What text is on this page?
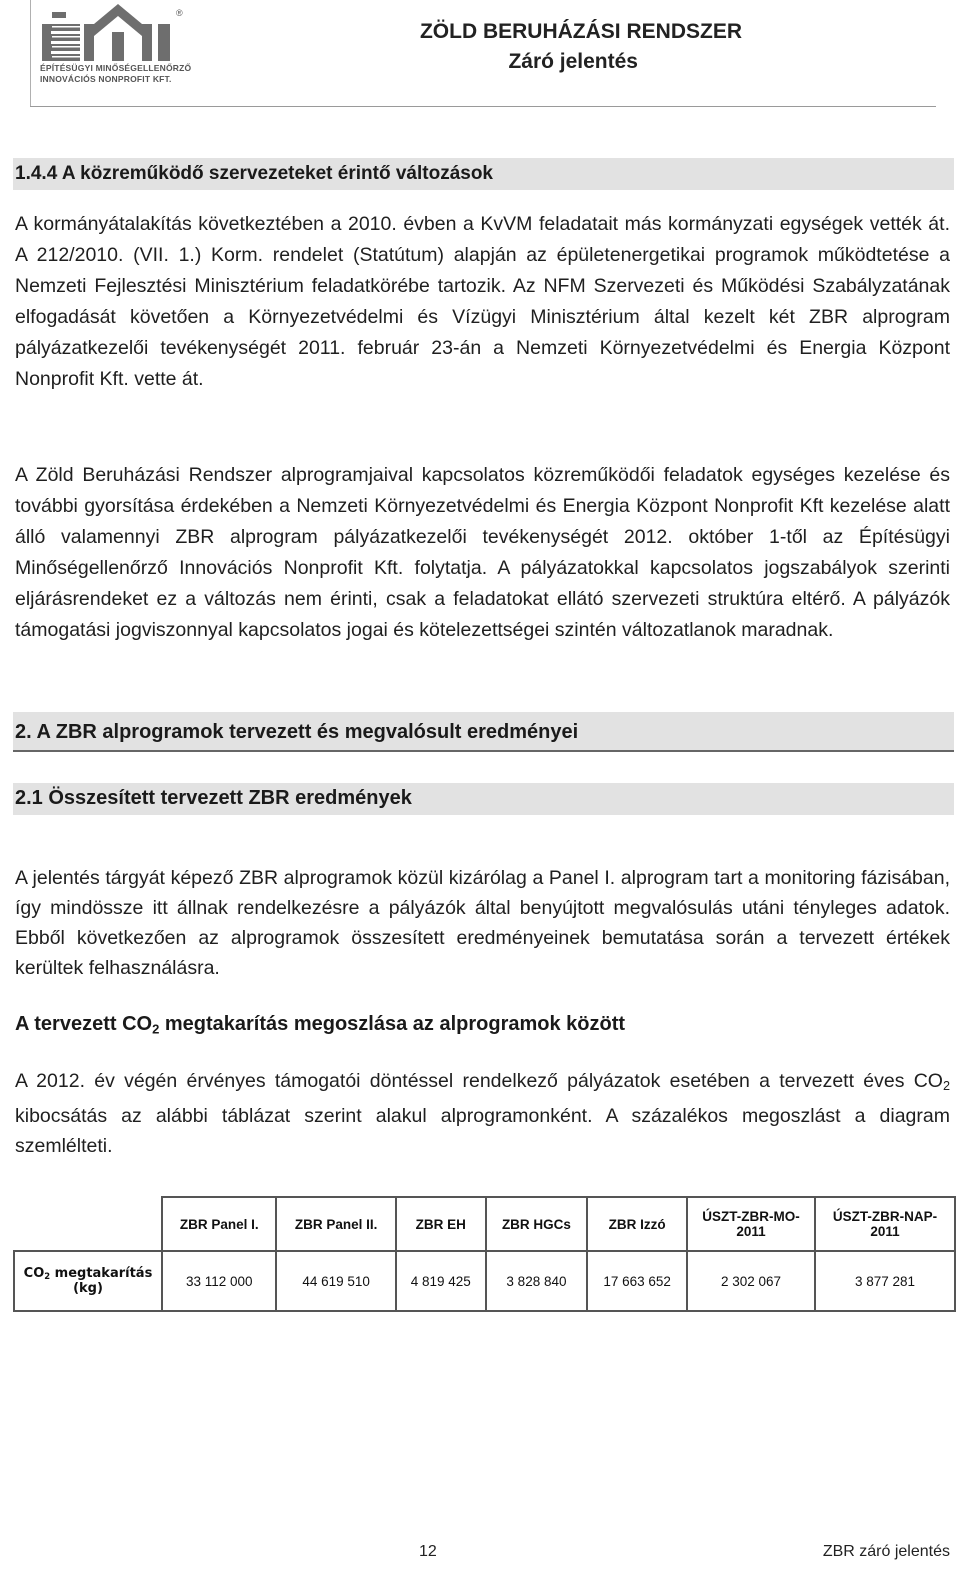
®
ÉPÍTÉSÜGYI MINŐSÉGELLENŐRZŐ
INNOVÁCIÓS NONPROFIT KFT.
ZÖLD BERUHÁZÁSI RENDSZER
Záró jelentés
1.4.4 A közreműködő szervezeteket érintő változások

A kormányátalakítás következtében a 2010. évben a KvVM feladatait más kormányzati egységek vették át. A 212/2010. (VII. 1.) Korm. rendelet (Statútum) alapján az épületenergetikai programok működtetése a Nemzeti Fejlesztési Minisztérium feladatkörébe tartozik. Az NFM Szervezeti és Működési Szabályzatának elfogadását követően a Környezetvédelmi és Vízügyi Minisztérium által kezelt két ZBR alprogram pályázatkezelői tevékenységét 2011. február 23-án a Nemzeti Környezetvédelmi és Energia Központ Nonprofit Kft. vette át.

A Zöld Beruházási Rendszer alprogramjaival kapcsolatos közreműködői feladatok egységes kezelése és további gyorsítása érdekében a Nemzeti Környezetvédelmi és Energia Központ Nonprofit Kft kezelése alatt álló valamennyi ZBR alprogram pályázatkezelői tevékenységét 2012. október 1-től az Építésügyi Minőségellenőrző Innovációs Nonprofit Kft. folytatja. A pályázatokkal kapcsolatos jogszabályok szerinti eljárásrendeket ez a változás nem érinti, csak a feladatokat ellátó szervezeti struktúra eltérő. A pályázók támogatási jogviszonnyal kapcsolatos jogai és kötelezettségei szintén változatlanok maradnak.

2. A ZBR alprogramok tervezett és megvalósult eredményei
2.1 Összesített tervezett ZBR eredmények

A jelentés tárgyát képező ZBR alprogramok közül kizárólag a Panel I. alprogram tart a monitoring fázisában, így mindössze itt állnak rendelkezésre a pályázók által benyújtott megvalósulás utáni tényleges adatok. Ebből következően az alprogramok összesített eredményeinek bemutatása során a tervezett értékek kerültek felhasználásra.

A tervezett $CO_2$ megtakarítás megoszlása az alprogramok között

A 2012. év végén érvényes támogatói döntéssel rendelkező pályázatok esetében a tervezett éves $CO_2$ kibocsátás az alábbi táblázat szerint alakul alprogramonként. A százalékos megoszlást a diagram szemlélteti.

	ZBR Panel I.	ZBR Panel II.	ZBR EH	ZBR HGCs	ZBR Izzó	ÚSZT-ZBR-MO-2011	ÚSZT-ZBR-NAP-2011
$CO_2$ megtakarítás (kg)	33 112 000	44 619 510	4 819 425	3 828 840	17 663 652	2 302 067	3 877 281
12	ZBR záró jelentés
